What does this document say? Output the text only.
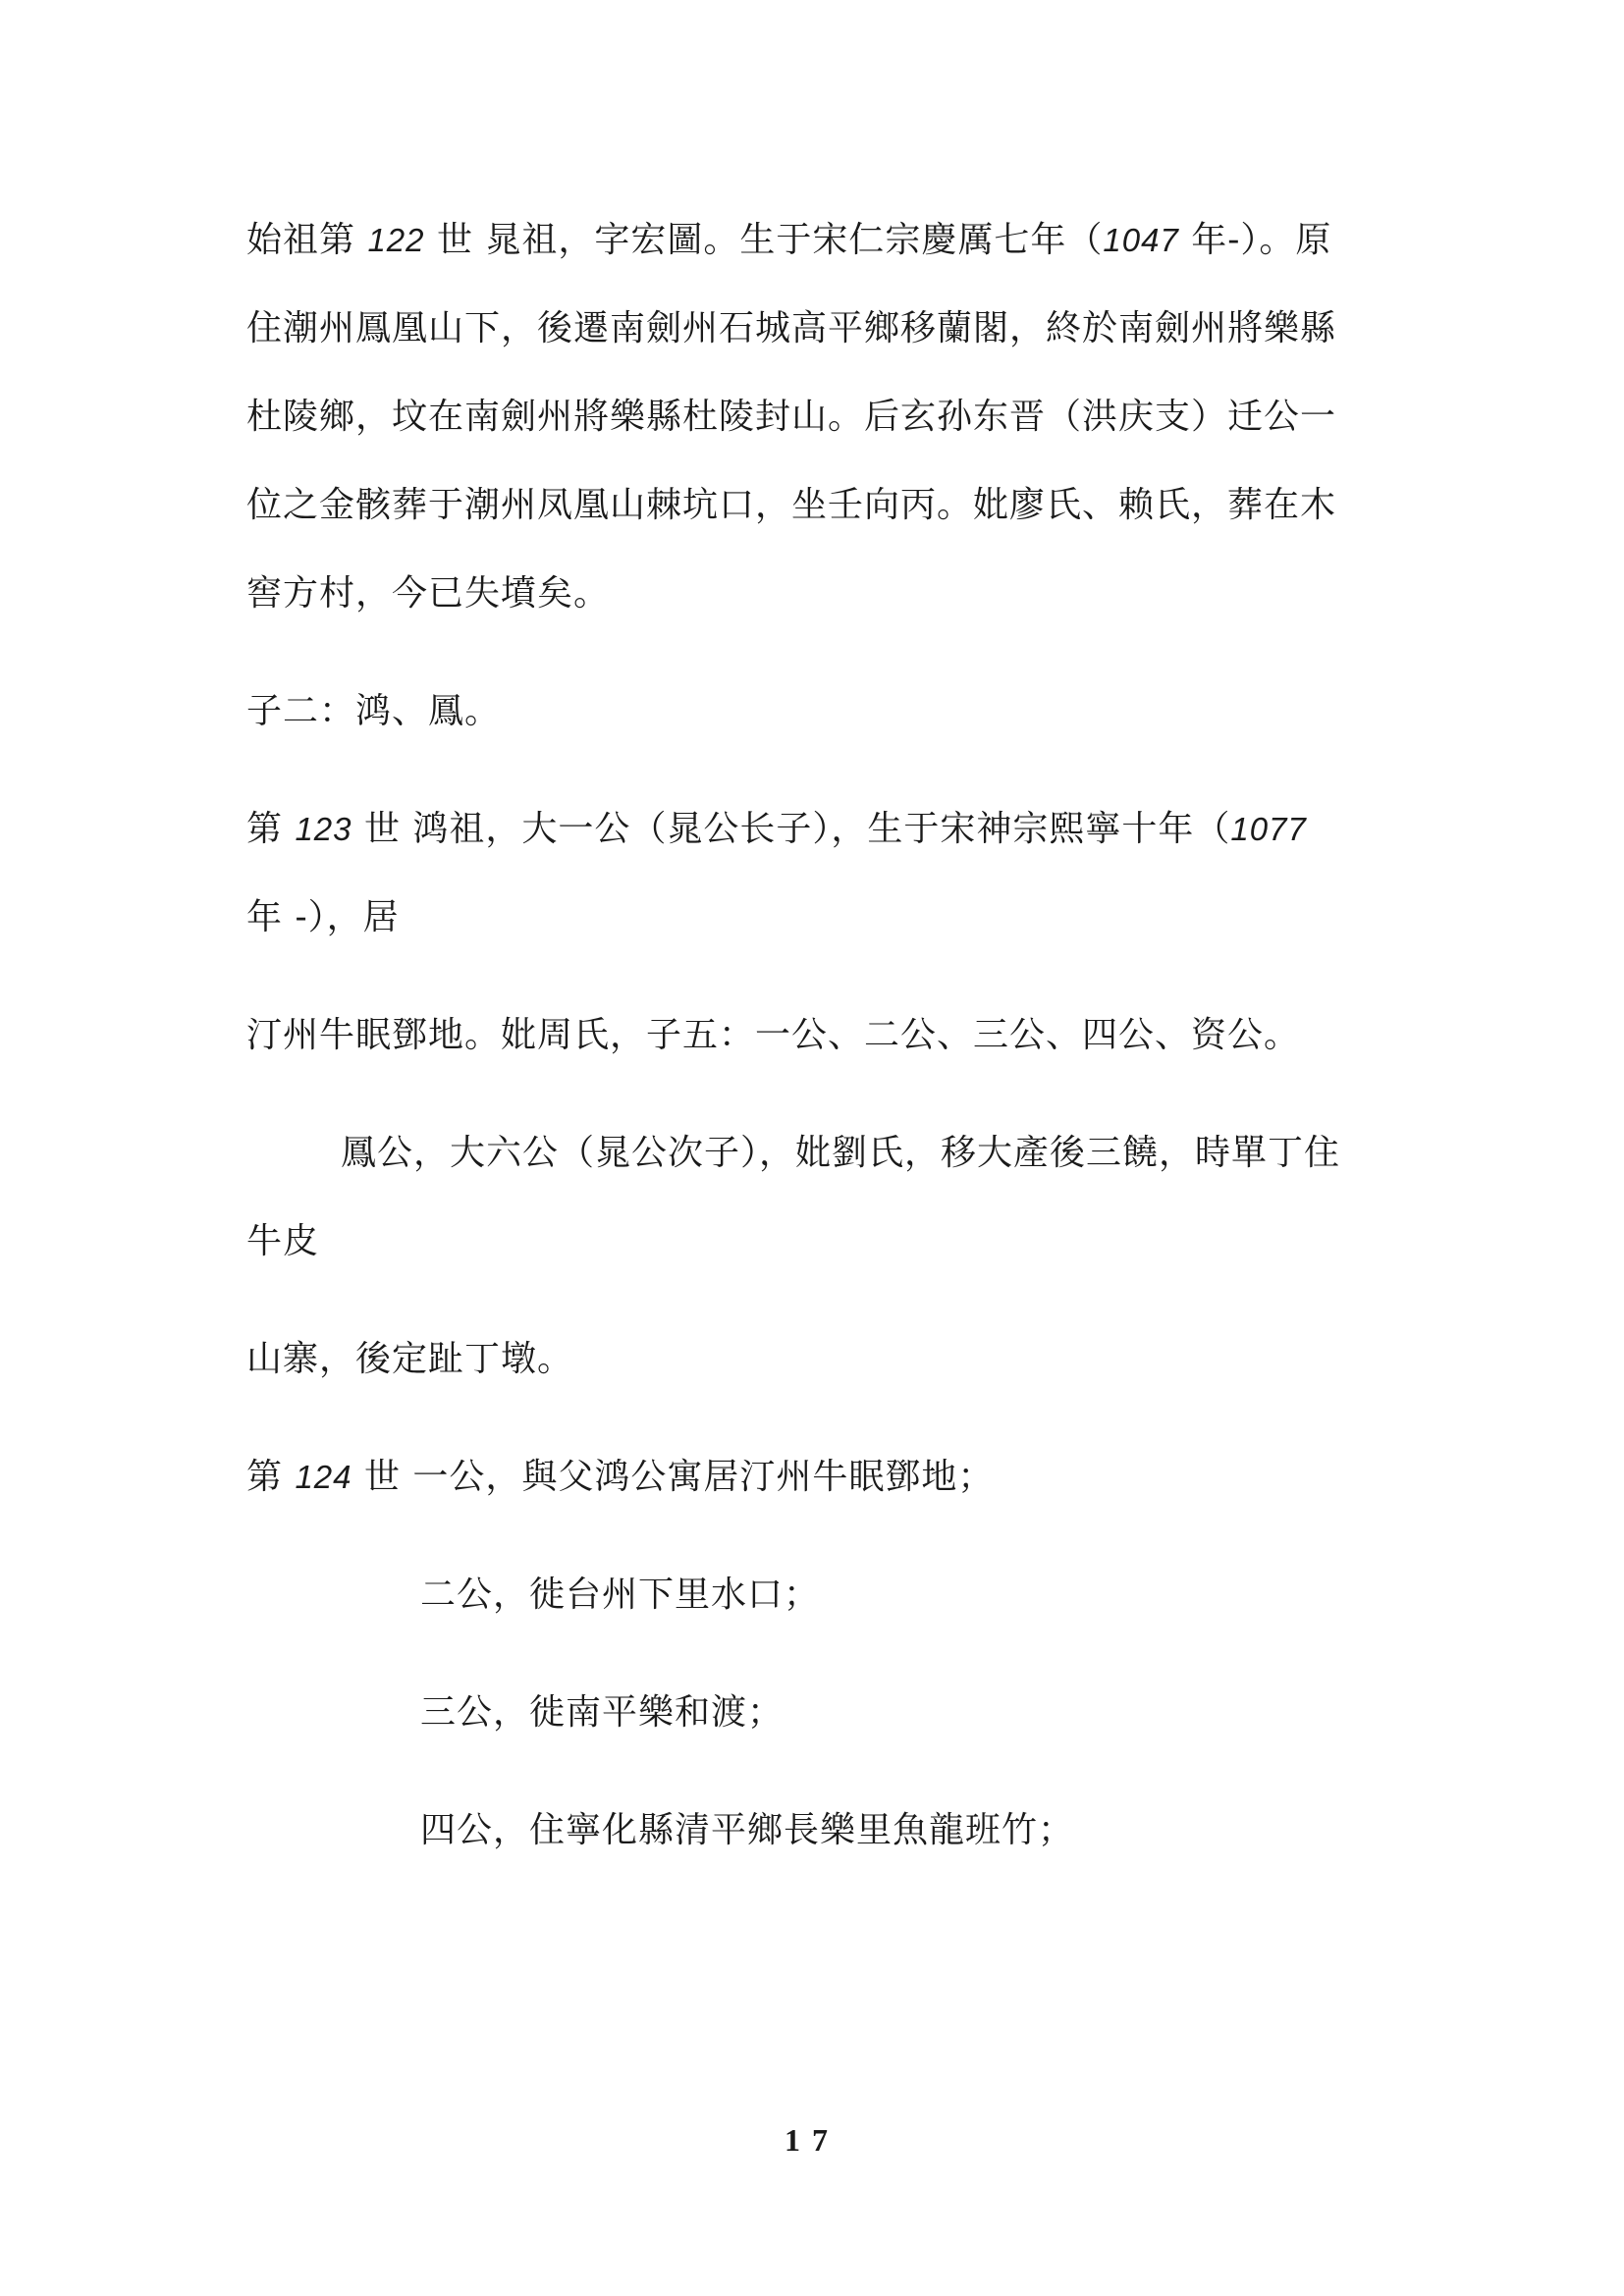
始祖第 122 世 晁祖，字宏圖。生于宋仁宗慶厲七年（1047 年-）。原
住潮州鳳凰山下，後遷南劍州石城高平鄉移蘭閣，終於南劍州將樂縣
杜陵鄉，坟在南劍州將樂縣杜陵封山。后玄孙东晋（洪庆支）迁公一
位之金骸葬于潮州凤凰山棘坑口，坐壬向丙。妣廖氏、赖氏，葬在木
窖方村，今已失墳矣。
子二：鸿、鳳。
第 123 世 鸿祖，大一公（晁公长子），生于宋神宗熙寧十年（1077
年 -），居
汀州牛眠鄧地。妣周氏，子五：一公、二公、三公、四公、资公。
鳳公，大六公（晁公次子），妣劉氏，移大產後三饒，時單丁住
牛皮
山寨，後定趾丁墩。
第 124 世 一公，與父鸿公寓居汀州牛眠鄧地；
二公，徙台州下里水口；
三公，徙南平樂和渡；
四公，住寧化縣清平鄉長樂里魚龍班竹；
17
